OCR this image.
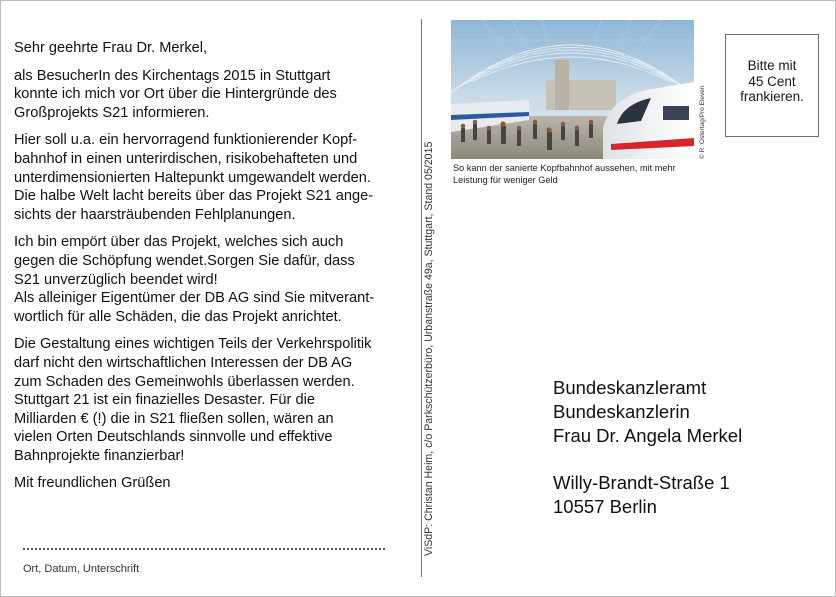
Sehr geehrte Frau Dr. Merkel,

als BesucherIn des Kirchentags 2015 in Stuttgart
konnte ich mich vor Ort über die Hintergründe des
Großprojekts S21 informieren.

Hier soll u.a. ein hervorragend funktionierender Kopf-
bahnhof in einen unterirdischen, risikobehafteten und
unterdimensionierten Haltepunkt umgewandelt werden.
Die halbe Welt lacht bereits über das Projekt S21 ange-
sichts der haarsträubenden Fehlplanungen.

Ich bin empört über das Projekt, welches sich auch
gegen die Schöpfung wendet.Sorgen Sie dafür, dass
S21 unverzüglich beendet wird!
Als alleiniger Eigentümer der DB AG sind Sie mitverant-
wortlich für alle Schäden, die das Projekt anrichtet.

Die Gestaltung eines wichtigen Teils der Verkehrspolitik
darf nicht den wirtschaftlichen Interessen der DB AG
zum Schaden des Gemeinwohls überlassen werden.
Stuttgart 21 ist ein finazielles Desaster. Für die
Milliarden € (!) die in S21 fließen sollen, wären an
vielen Orten Deutschlands sinnvolle und effektive
Bahnprojekte finanzierbar!

Mit freundlichen Grüßen

Ort, Datum, Unterschrift
ViSdP: Christan Heim, c/o Parkschützerbüro, Urbanstraße 49a, Stuttgart, Stand 05/2015
© R. Ostertag/Pro Eleven
So kann der sanierte Kopfbahnhof aussehen, mit mehr Leistung für weniger Geld
Bitte mit
45 Cent
frankieren.
Bundeskanzleramt
Bundeskanzlerin
Frau Dr. Angela Merkel
Willy-Brandt-Straße 1
10557 Berlin
